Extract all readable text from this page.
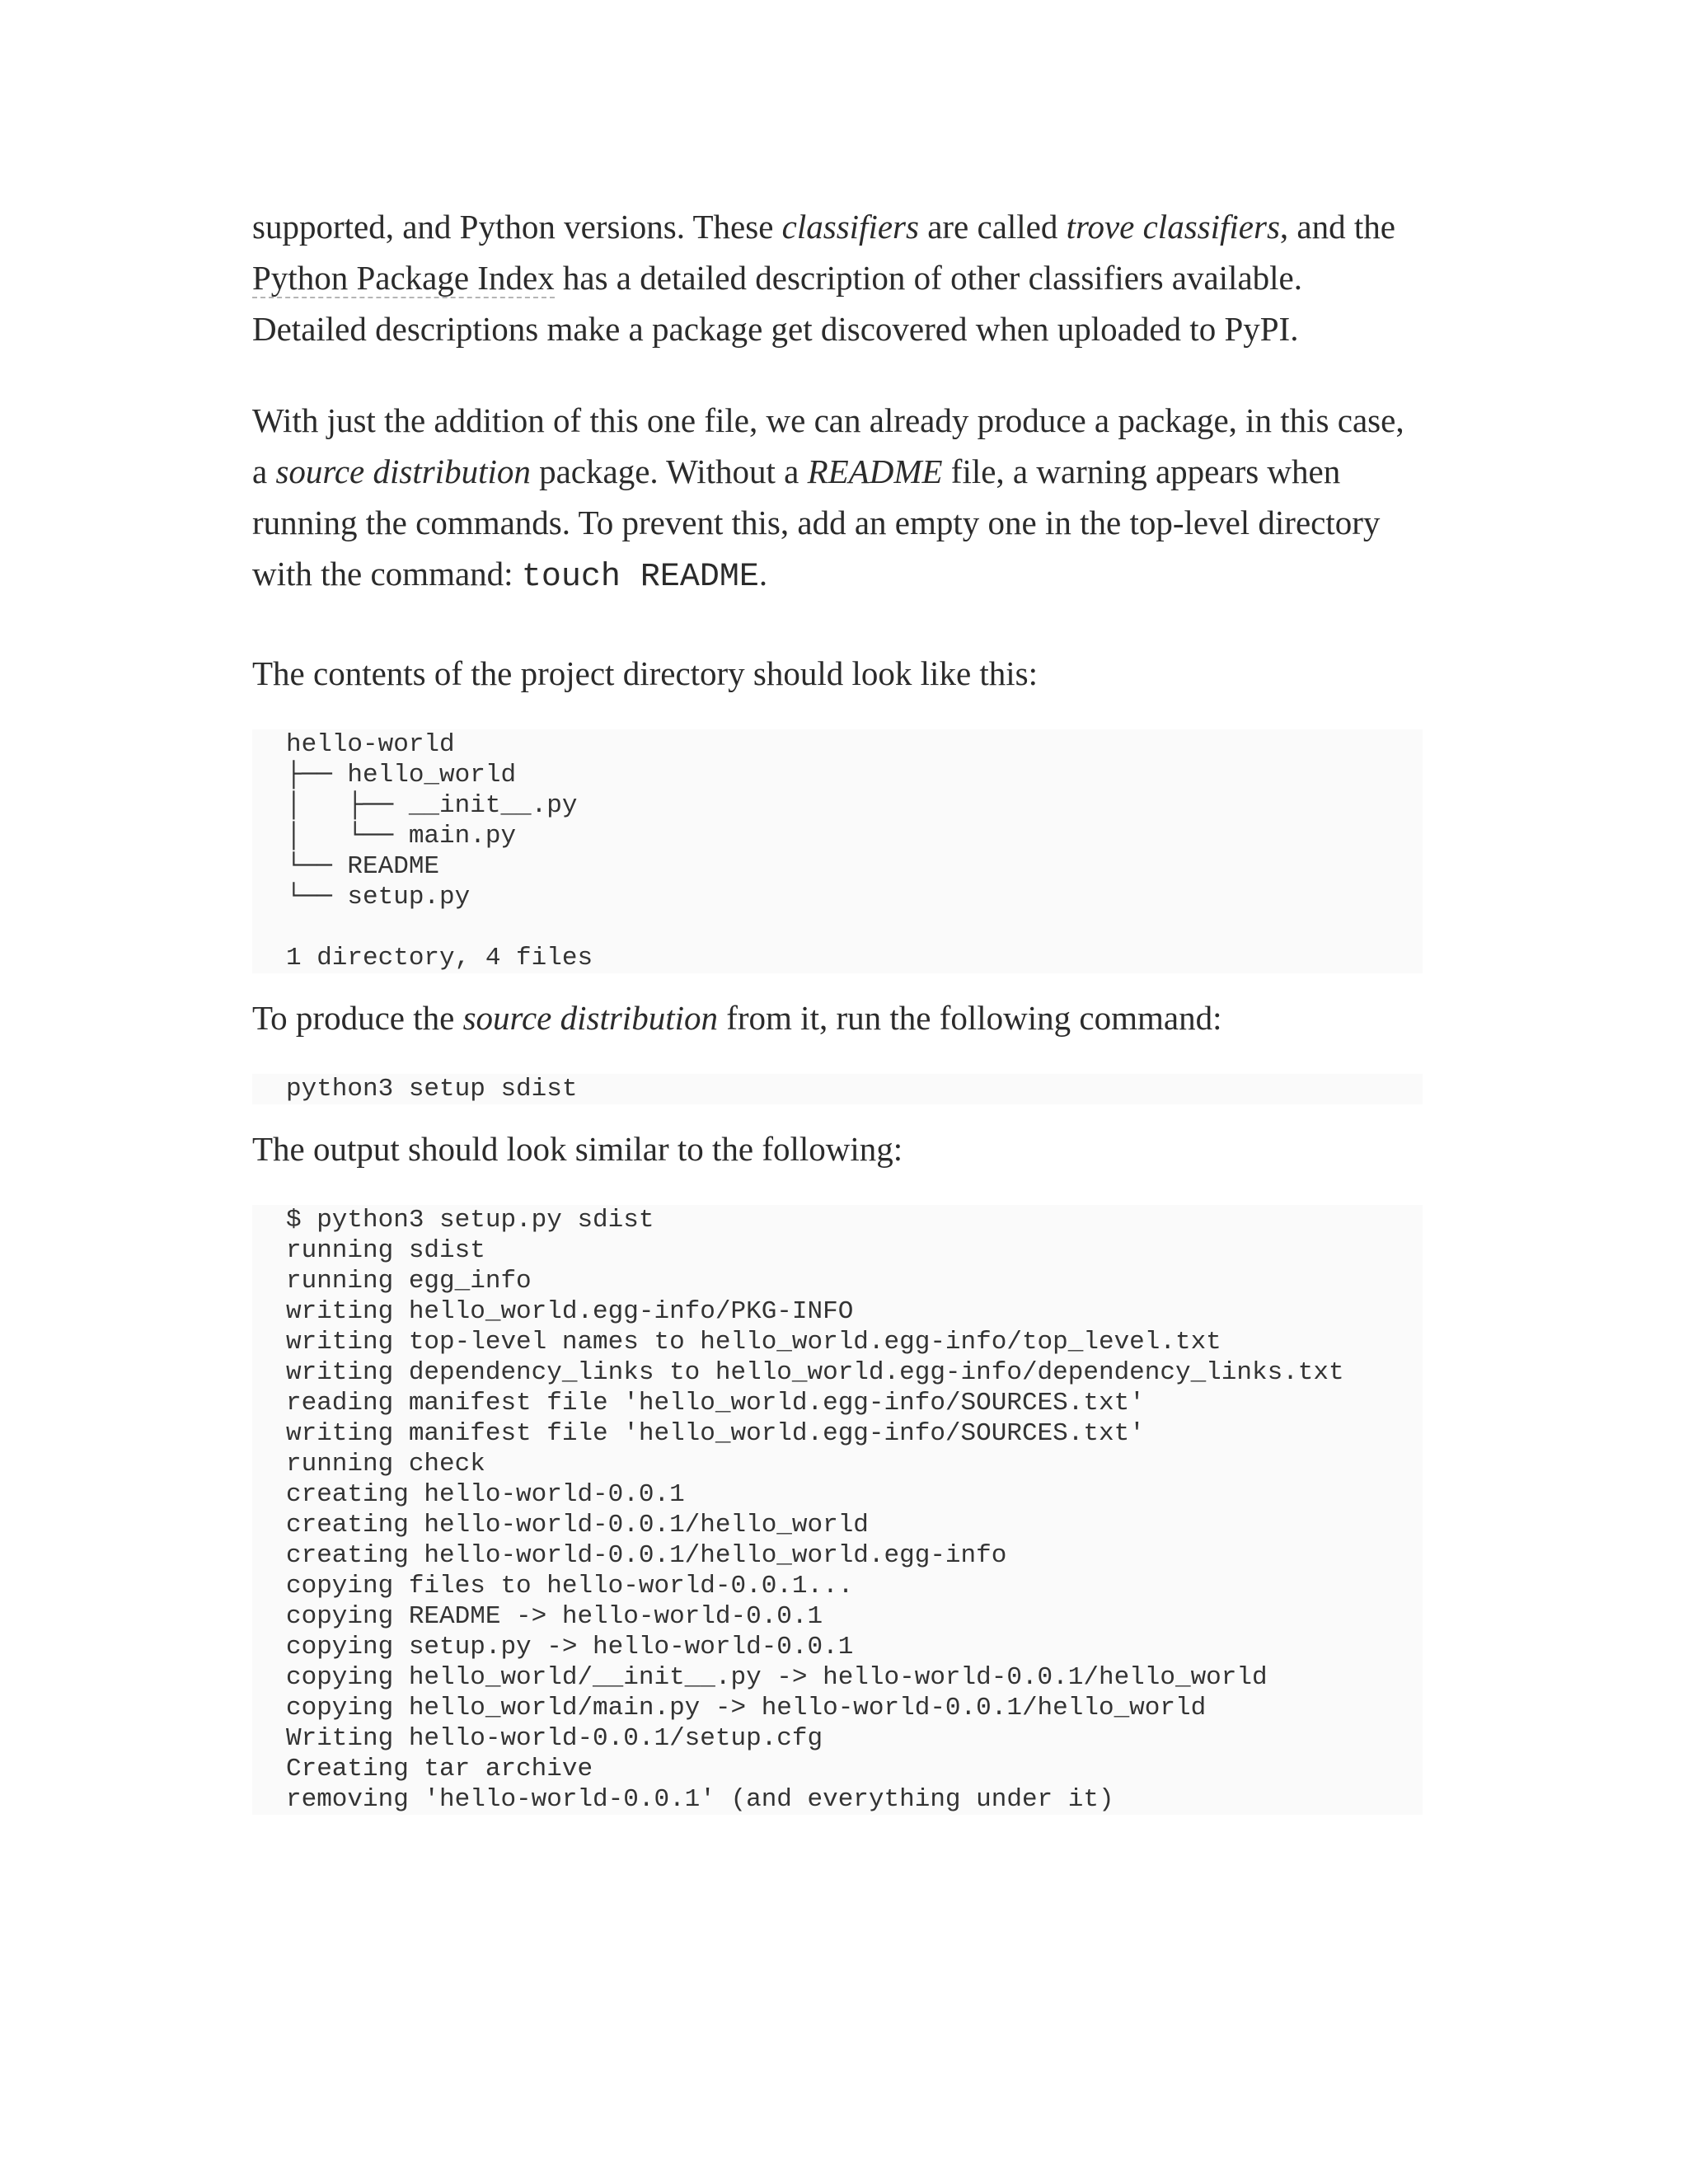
supported, and Python versions. These classifiers are called trove classifiers, and the Python Package Index has a detailed description of other classifiers available. Detailed descriptions make a package get discovered when uploaded to PyPI.

With just the addition of this one file, we can already produce a package, in this case, a source distribution package. Without a README file, a warning appears when running the commands. To prevent this, add an empty one in the top-level directory with the command: touch README.

The contents of the project directory should look like this:

hello-world
├── hello_world
│   ├── __init__.py
│   └── main.py
└── README
└── setup.py
1 directory, 4 files

To produce the source distribution from it, run the following command:

python3 setup sdist

The output should look similar to the following:

$ python3 setup.py sdist
running sdist
running egg_info
writing hello_world.egg-info/PKG-INFO
writing top-level names to hello_world.egg-info/top_level.txt
writing dependency_links to hello_world.egg-info/dependency_links.txt
reading manifest file 'hello_world.egg-info/SOURCES.txt'
writing manifest file 'hello_world.egg-info/SOURCES.txt'
running check
creating hello-world-0.0.1
creating hello-world-0.0.1/hello_world
creating hello-world-0.0.1/hello_world.egg-info
copying files to hello-world-0.0.1...
copying README -> hello-world-0.0.1
copying setup.py -> hello-world-0.0.1
copying hello_world/__init__.py -> hello-world-0.0.1/hello_world
copying hello_world/main.py -> hello-world-0.0.1/hello_world
Writing hello-world-0.0.1/setup.cfg
Creating tar archive
removing 'hello-world-0.0.1' (and everything under it)
